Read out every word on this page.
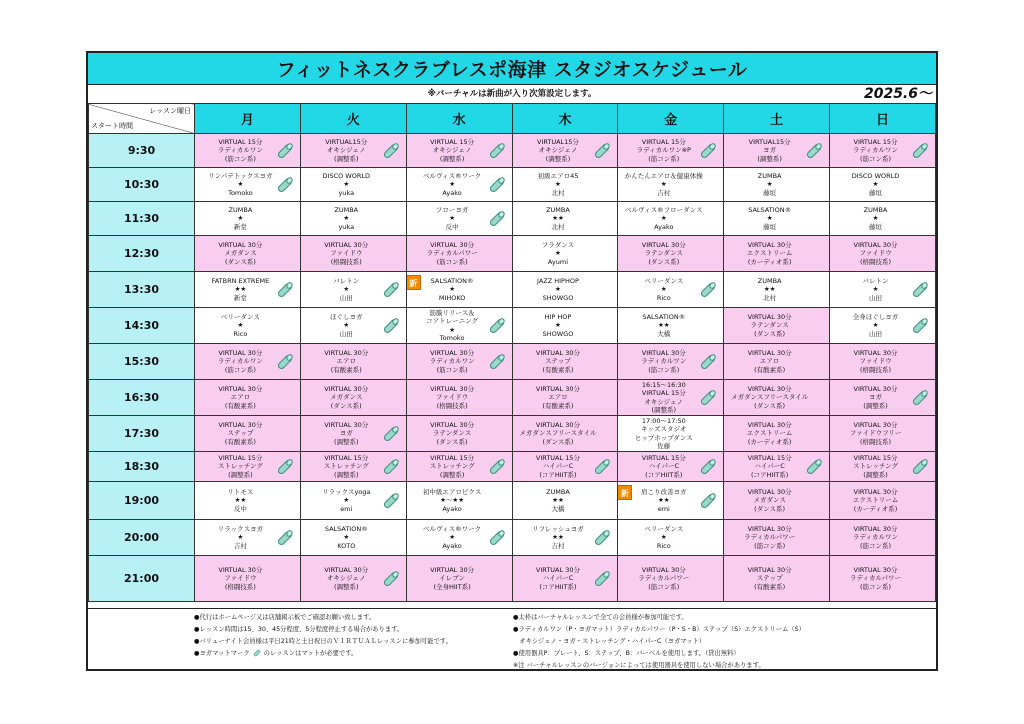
フィットネスクラブレスポ海津 スタジオスケジュール
※バーチャルは新曲が入り次第設定します。	2025.6～
レッスン曜日
スタート時間	月	火	水	木	金	土	日
9:30	VIRTUAL 15分
ラディカルワン
(筋コン系)	VIRTUAL15分
オキシジェノ
(調整系)	VIRTUAL 15分
オキシジェノ
(調整系)	VIRTUAL15分
オキシジェノ
(調整系)	VIRTUAL 15分
ラディカルワン※P
(筋コン系)	VIRTUAL15分
ヨガ
(調整系)	VIRTUAL 15分
ラディカルワン
(筋コン系)

10:30	リンパデトックスヨガ
★
Tomoko	DISCO WORLD
★
yuka	ベルヴィス®ワーク
★
Ayako	初級エアロ45
★
北村	かんたんエアロ＆健康体操
★
吉村	ZUMBA
★
藤垣	DISCO WORLD
★
藤垣

11:30	ZUMBA
★
新堂	ZUMBA
★
yuka	フローヨガ
★
反中	ZUMBA
★★
北村	ベルヴィス®フローダンス
★
Ayako	SALSATION®
★
藤垣	ZUMBA
★
藤垣

12:30	VIRTUAL 30分
メガダンス
(ダンス系)	VIRTUAL 30分
ファイドウ
(格闘技系)	VIRTUAL 30分
ラディカルパワー
(筋コン系)	フラダンス
★
Ayumi	VIRTUAL 30分
ラテンダンス
(ダンス系)	VIRTUAL 30分
エクストリーム
(カーディオ系)	VIRTUAL 30分
ファイドウ
(格闘技系)

13:30	FATBRN EXTREME
★★
新堂	バレトン
★
山田	新 SALSATION®
★
MIHOKO	JAZZ HIPHOP
★
SHOWGO	ベリーダンス
★
Rico	ZUMBA
★★
北村	バレトン
★
山田

14:30	ベリーダンス
★
Rico	ほぐしヨガ
★
山田	筋膜リリース＆
コアトレーニング
★
Tomoko	HIP HOP
★
SHOWGO	SALSATION®
★★
大橋	VIRTUAL 30分
ラテンダンス
(ダンス系)	全身ほぐしヨガ
★
山田

15:30	VIRTUAL 30分
ラディカルワン
(筋コン系)	VIRTUAL 30分
エアロ
(有酸素系)	VIRTUAL 30分
ラディカルワン
(筋コン系)	VIRTUAL 30分
ステップ
(有酸素系)	VIRTUAL 30分
ラディカルワン
(筋コン系)	VIRTUAL 30分
エアロ
(有酸素系)	VIRTUAL 30分
ファイドウ
(格闘技系)

16:30	VIRTUAL 30分
エアロ
(有酸素系)	VIRTUAL 30分
メガダンス
(ダンス系)	VIRTUAL 30分
ファイドウ
(格闘技系)	VIRTUAL 30分
エアロ
(有酸素系)	16:15～16:30
VIRTUAL 15分
オキシジェノ
(調整系)	VIRTUAL 30分
メガダンスフリースタイル
(ダンス系)	VIRTUAL 30分
ヨガ
(調整系)

17:30	VIRTUAL 30分
ステップ
(有酸素系)	VIRTUAL 30分
ヨガ
(調整系)	VIRTUAL 30分
ラテンダンス
(ダンス系)	VIRTUAL 30分
メガダンスフリースタイル
(ダンス系)	17:00～17:50
キッズスタジオ
ヒップホップダンス
佐藤	VIRTUAL 30分
エクストリーム
(カーディオ系)	VIRTUAL 30分
ファイドウフリー
(格闘技系)

18:30	VIRTUAL 15分
ストレッチング
(調整系)	VIRTUAL 15分
ストレッチング
(調整系)	VIRTUAL 15分
ストレッチング
(調整系)	VIRTUAL 15分
ハイパーC
(コアHIIT系)	VIRTUAL 15分
ハイパーC
(コアHIIT系)	VIRTUAL 15分
ハイパーC
(コアHIIT系)	VIRTUAL 15分
ストレッチング
(調整系)

19:00	リトモス
★★
反中	リラックスyoga
★
emi	初中級エアロビクス
★～★★
Ayako	ZUMBA
★★
大橋	新 肩こり改善ヨガ
★★
emi	VIRTUAL 30分
メガダンス
(ダンス系)	VIRTUAL 30分
エクストリーム
(カーディオ系)

20:00	リラックスヨガ
★
吉村	SALSATION®
★
KOTO	ベルヴィス®ワーク
★
Ayako	リフレッシュヨガ
★★
吉村	ベリーダンス
★
Rico	VIRTUAL 30分
ラディカルパワー
(筋コン系)	VIRTUAL 30分
ラディカルワン
(筋コン系)

21:00	VIRTUAL 30分
ファイドウ
(格闘技系)	VIRTUAL 30分
オキシジェノ
(調整系)	VIRTUAL 30分
イレブン
(全身HIIT系)	VIRTUAL 30分
ハイパーC
(コアHIIT系)	VIRTUAL 30分
ラディカルパワー
(筋コン系)	VIRTUAL 30分
ステップ
(有酸素系)	VIRTUAL 30分
ラディカルパワー
(筋コン系)
●代行はホームページ又は店舗掲示板でご確認お願い致します。
●レッスン時間は15、30、45分程度、5分程度停止する場合があります。
●バリューナイト会員様は平日21時と土日祝日のＶＩＲＴＵＡＬレッスンに参加可能です。
●ヨガマットマーク のレッスンはマットが必要です。
●太枠はバーチャルレッスンで全ての会員様が参加可能です。
●ラディカルワン（P・ヨガマット）ラディカルパワー（P・S・B）ステップ（S）エクストリーム（S）
　オキシジェノ・ヨガ・ストレッチング・ハイパーC（ヨガマット）
●使用器具P：プレート、S：ステップ、B：バーベルを使用します。（貸出無料）
※注 バーチャルレッスンのバージョンによっては使用器具を使用しない場合があります。
